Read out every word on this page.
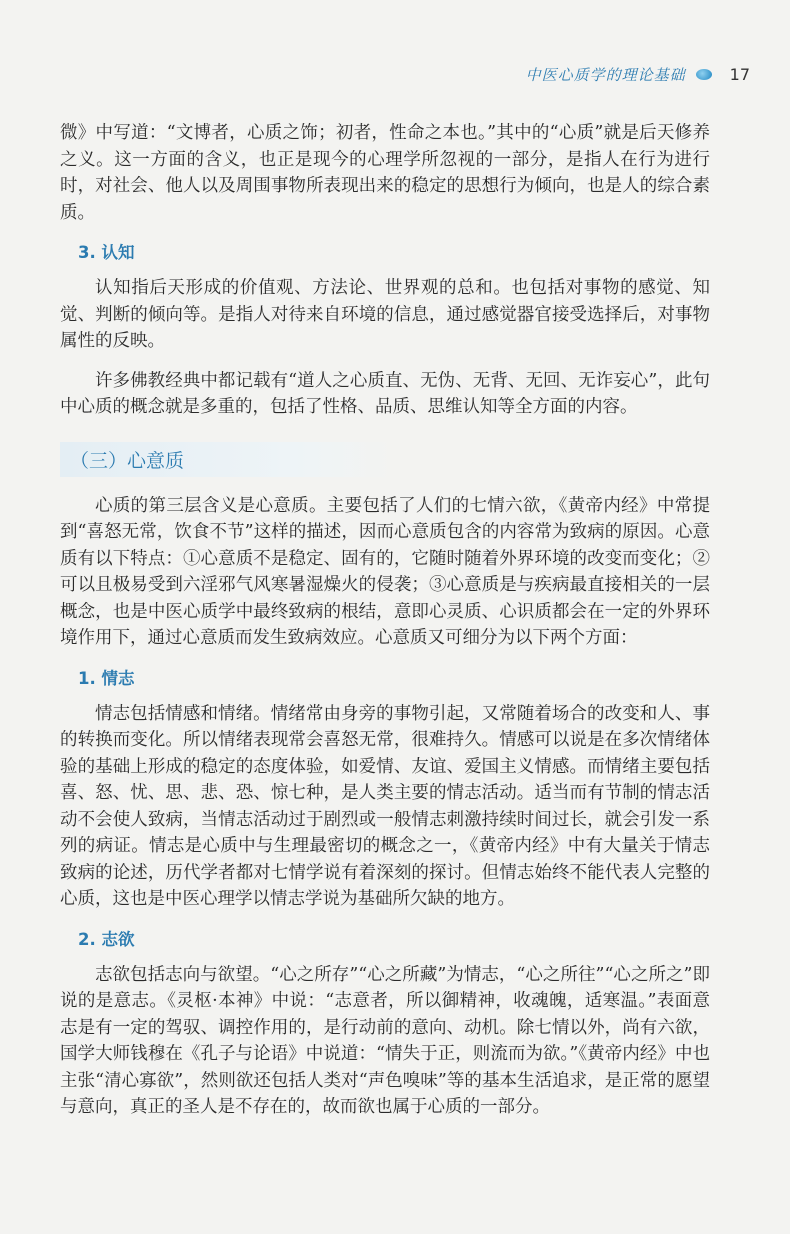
中医心质学的理论基础	17

微》中写道：“文博者，心质之饰；初者，性命之本也。”其中的“心质”就是后天修养之义。这一方面的含义，也正是现今的心理学所忽视的一部分，是指人在行为进行时，对社会、他人以及周围事物所表现出来的稳定的思想行为倾向，也是人的综合素质。

3. 认知

认知指后天形成的价值观、方法论、世界观的总和。也包括对事物的感觉、知觉、判断的倾向等。是指人对待来自环境的信息，通过感觉器官接受选择后，对事物属性的反映。

许多佛教经典中都记载有“道人之心质直、无伪、无背、无回、无诈妄心”，此句中心质的概念就是多重的，包括了性格、品质、思维认知等全方面的内容。

（三）心意质

心质的第三层含义是心意质。主要包括了人们的七情六欲，《黄帝内经》中常提到“喜怒无常，饮食不节”这样的描述，因而心意质包含的内容常为致病的原因。心意质有以下特点：①心意质不是稳定、固有的，它随时随着外界环境的改变而变化；②可以且极易受到六淫邪气风寒暑湿燥火的侵袭；③心意质是与疾病最直接相关的一层概念，也是中医心质学中最终致病的根结，意即心灵质、心识质都会在一定的外界环境作用下，通过心意质而发生致病效应。心意质又可细分为以下两个方面：

1. 情志

情志包括情感和情绪。情绪常由身旁的事物引起，又常随着场合的改变和人、事的转换而变化。所以情绪表现常会喜怒无常，很难持久。情感可以说是在多次情绪体验的基础上形成的稳定的态度体验，如爱情、友谊、爱国主义情感。而情绪主要包括喜、怒、忧、思、悲、恐、惊七种，是人类主要的情志活动。适当而有节制的情志活动不会使人致病，当情志活动过于剧烈或一般情志刺激持续时间过长，就会引发一系列的病证。情志是心质中与生理最密切的概念之一，《黄帝内经》中有大量关于情志致病的论述，历代学者都对七情学说有着深刻的探讨。但情志始终不能代表人完整的心质，这也是中医心理学以情志学说为基础所欠缺的地方。

2. 志欲

志欲包括志向与欲望。“心之所存”“心之所藏”为情志，“心之所往”“心之所之”即说的是意志。《灵枢·本神》中说：“志意者，所以御精神，收魂魄，适寒温。”表面意志是有一定的驾驭、调控作用的，是行动前的意向、动机。除七情以外，尚有六欲，国学大师钱穆在《孔子与论语》中说道：“情失于正，则流而为欲。”《黄帝内经》中也主张“清心寡欲”，然则欲还包括人类对“声色嗅味”等的基本生活追求，是正常的愿望与意向，真正的圣人是不存在的，故而欲也属于心质的一部分。
